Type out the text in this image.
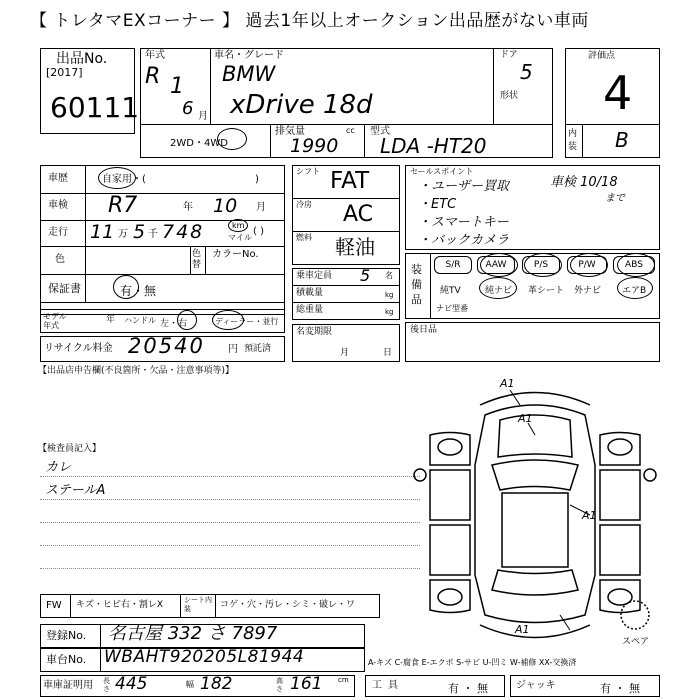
【 トレタマEXコーナー 】 過去1年以上オークション出品歴がない車両
出品No.
[2017]
60111
年式
R 1
6 月
車名・グレード
BMW
xDrive 18d
ドア
5
形状
評価点
4
内装 B
2WD・4WD
排気量	cc
1990
型式
LDA -HT20
車歴	自家用・(	)
車検 R7	年 10 月
走行 11 万 5 千 748	km
マイル
( )
色	色替
カラーNo.
保証書	有・無
モデル年式
年 ハンドル 左・右	ディーラー・並行
リサイクル料金 20540 円 預託済
シフト FAT
冷房 AC
燃料 軽油
乗車定員 5 名
積載量	kg
総重量	kg
名変期限
月	日
セールスポイント
・ユーザー買取
・ETC
・スマートキー
・バックカメラ
車検 10/18
まで
装備品
S/R	AAW	P/S	P/W	ABS
純TV	純ナビ 革シート 外ナビ エアB
ナビ型番
後日品
【出品店申告欄(不良箇所・欠品・注意事項等)】
【検査員記入】
カレ
ステールA
A1
A1
A1
A1
スペア
FW キズ・ヒビ右・割レX	シート内装	コゲ・穴・汚レ・シミ・破レ・ワ
登録No. 名古屋 332 さ 7897
車台No. WBAHT920205L81944	A-キズ C-腐食 E-エクボ S-サビ U-凹ミ W-補修 XX-交換済
車庫証明用 長さ 445	幅 182	高さ 161 cm 工具	有 ・ 無	ジャッキ	有 ・ 無
